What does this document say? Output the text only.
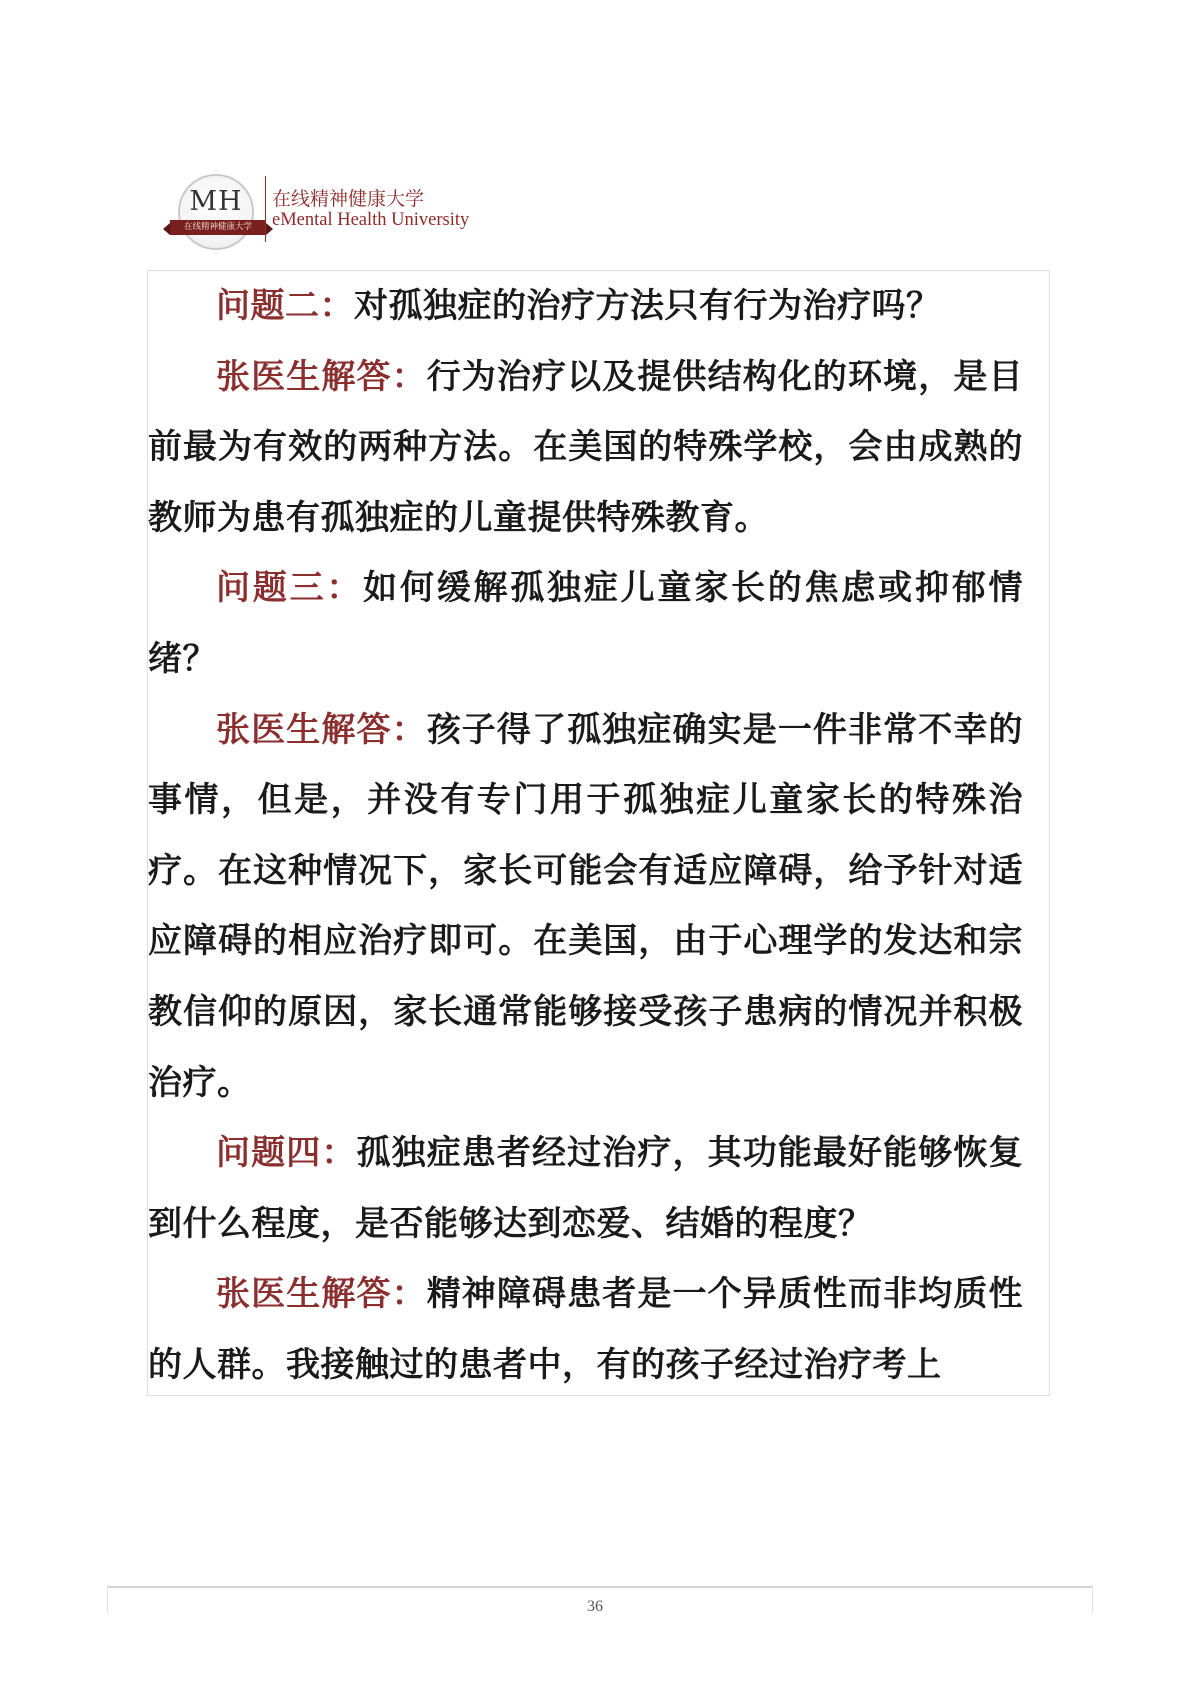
MH
在线精神健康大学
在线精神健康大学
eMental Health University

问题二：对孤独症的治疗方法只有行为治疗吗？

张医生解答：行为治疗以及提供结构化的环境，是目前最为有效的两种方法。在美国的特殊学校，会由成熟的教师为患有孤独症的儿童提供特殊教育。

问题三：如何缓解孤独症儿童家长的焦虑或抑郁情绪？

张医生解答：孩子得了孤独症确实是一件非常不幸的事情，但是，并没有专门用于孤独症儿童家长的特殊治疗。在这种情况下，家长可能会有适应障碍，给予针对适应障碍的相应治疗即可。在美国，由于心理学的发达和宗教信仰的原因，家长通常能够接受孩子患病的情况并积极治疗。

问题四：孤独症患者经过治疗，其功能最好能够恢复到什么程度，是否能够达到恋爱、结婚的程度？

张医生解答：精神障碍患者是一个异质性而非均质性的人群。我接触过的患者中，有的孩子经过治疗考上

36
